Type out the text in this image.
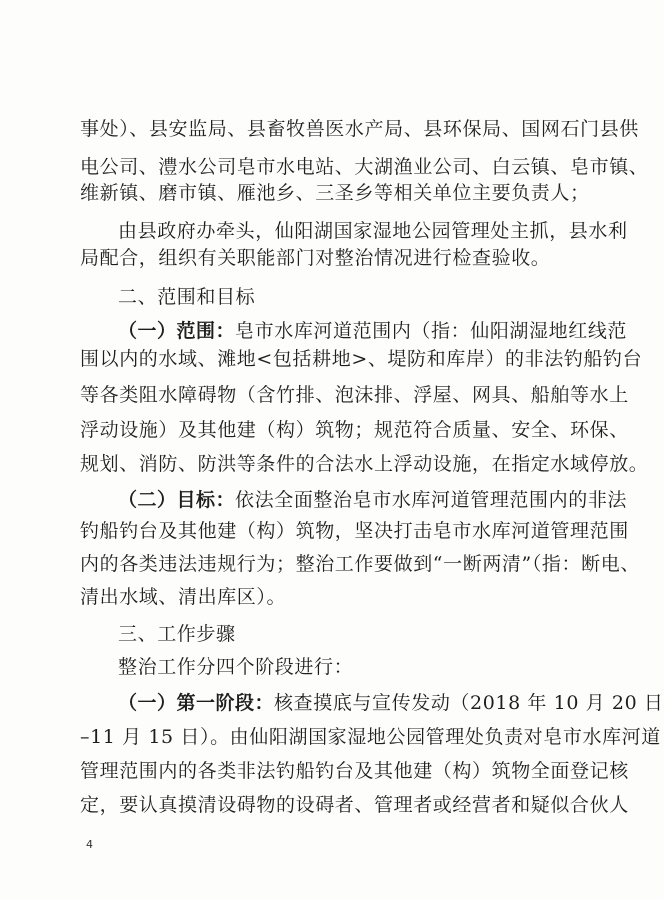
事处）、县安监局、县畜牧兽医水产局、县环保局、国网石门县供
电公司、澧水公司皂市水电站、大湖渔业公司、白云镇、皂市镇、
维新镇、磨市镇、雁池乡、三圣乡等相关单位主要负责人；
由县政府办牵头，仙阳湖国家湿地公园管理处主抓，县水利
局配合，组织有关职能部门对整治情况进行检查验收。
二、范围和目标
（一）范围：皂市水库河道范围内（指：仙阳湖湿地红线范
围以内的水域、滩地<包括耕地>、堤防和库岸）的非法钓船钓台
等各类阻水障碍物（含竹排、泡沫排、浮屋、网具、船舶等水上
浮动设施）及其他建（构）筑物；规范符合质量、安全、环保、
规划、消防、防洪等条件的合法水上浮动设施，在指定水域停放。
（二）目标：依法全面整治皂市水库河道管理范围内的非法
钓船钓台及其他建（构）筑物，坚决打击皂市水库河道管理范围
内的各类违法违规行为；整治工作要做到“一断两清”（指：断电、
清出水域、清出库区）。
三、工作步骤
整治工作分四个阶段进行：
（一）第一阶段：核查摸底与宣传发动（2018 年 10 月 20 日
–11 月 15 日）。由仙阳湖国家湿地公园管理处负责对皂市水库河道
管理范围内的各类非法钓船钓台及其他建（构）筑物全面登记核
定，要认真摸清设碍物的设碍者、管理者或经营者和疑似合伙人
4
